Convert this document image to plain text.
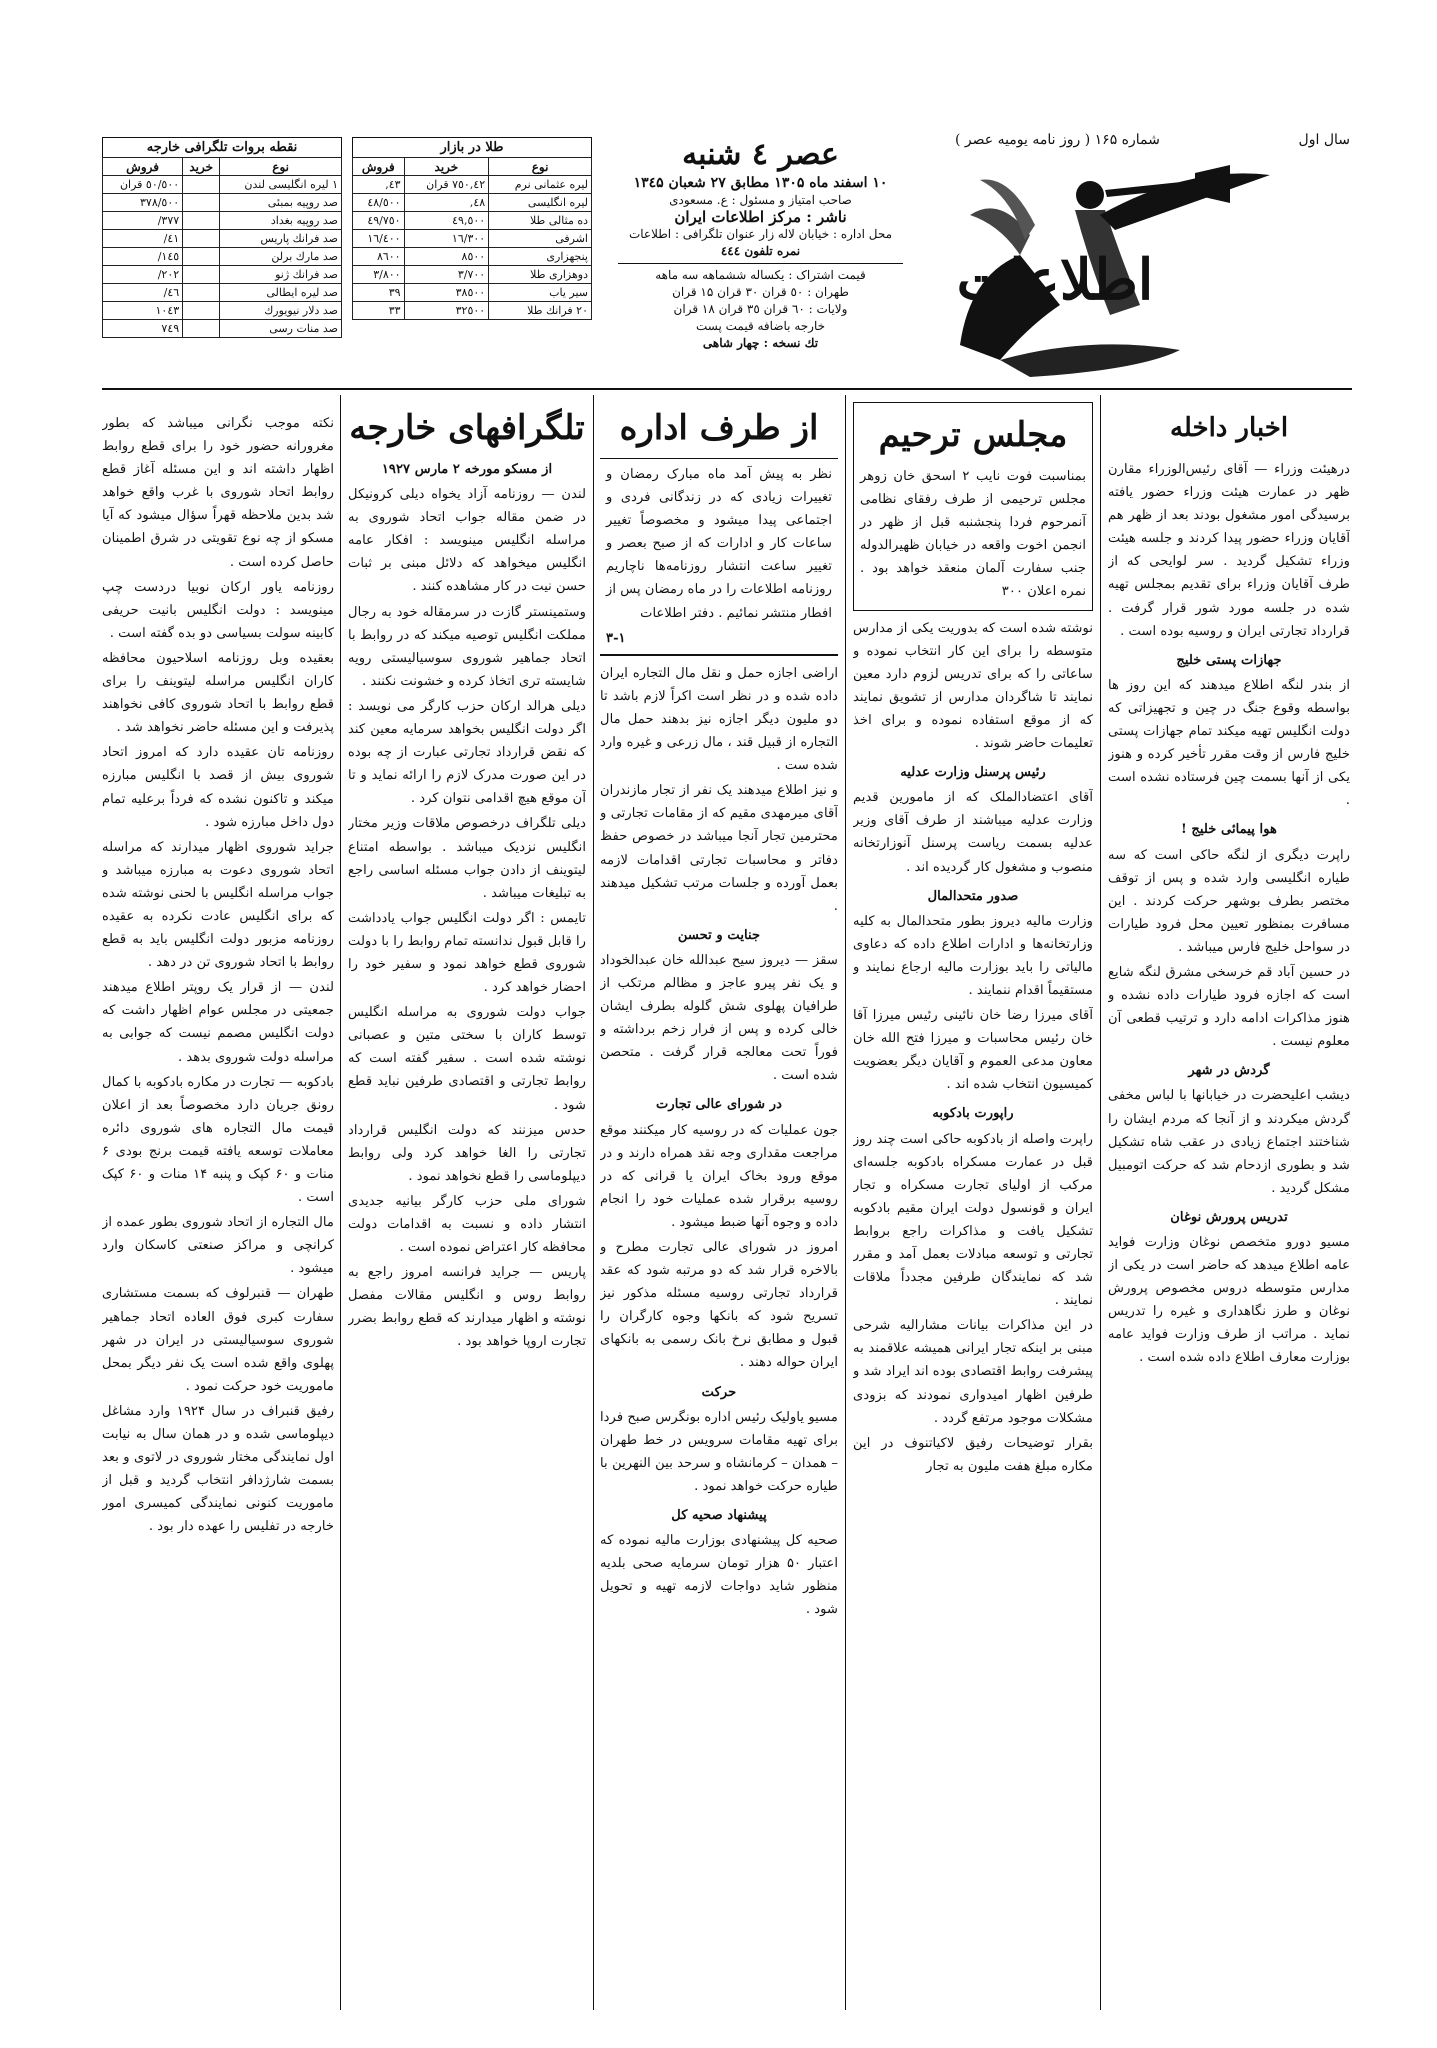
سال اول
شماره ۱۶۵ ( روز نامه یومیه عصر )
اطلاعات
عصر ٤ شنبه
۱۰ اسفند ماه ۱۳۰۵ مطابق ۲۷ شعبان ۱۳٤۵
صاحب امتیاز و مسئول : ع. مسعودی
ناشر : مرکز اطلاعات ایران
محل اداره : خیابان لاله زار عنوان تلگرافی : اطلاعات
نمره تلفون ٤٤٤
قیمت اشتراک : یکساله ششماهه سه ماهه
طهران : ٥٠ قران ۳۰ قران ١۵ قران
ولایات : ٦٠ قران ۳٥ قران ۱۸ قران
خارجه باضافه قیمت پست
تك نسخه : چهار شاهی
طلا در بازار
نوع	خرید	فروش
لیره عثمانی نرم	٤۲,٧٥٠ قران	٤٣,
لیره انگلیسی	٤٨,	٤٨/٥٠٠
ده مثالی طلا	٤٩,٥٠٠	٤٩/٧٥٠
اشرفی	١٦/٣٠٠	١٦/٤٠٠
پنجهزاری	٨٥٠٠	٨٦٠٠
دوهزاری طلا	٣/٧٠٠	٣/٨٠٠
سیر یاب	٣٨٥٠٠	٣٩
۲۰ فرانك طلا	٣٢٥٠٠	٣٣
نقطه بروات تلگرافی خارجه
نوع	خرید	فروش
١ لیره انگلیسی لندن		٥٠/٥٠٠ قران
صد روپیه بمبئی		٣٧٨/٥٠٠
صد روپیه بغداد		٣٧٧/
صد فرانك پاریس		٤١/
صد مارك برلن		١٤٥/
صد فرانك ژنو		٢٠٢/
صد لیره ایطالی		٤٦/
صد دلار نیویورك		١٠٤٣
صد منات رسی		٧٤٩
اخبار داخله

درهیئت وزراء — آقای رئیس‌الوزراء مقارن ظهر در عمارت هیئت وزراء حضور یافته برسیدگی امور مشغول بودند بعد از ظهر هم آقایان وزراء حضور پیدا کردند و جلسه هیئت وزراء تشکیل گردید . سر لوایحی که از طرف آقایان وزراء برای تقدیم بمجلس تهیه شده در جلسه مورد شور قرار گرفت . قرارداد تجارتی ایران و روسیه بوده است .

جهازات پستی خلیج

از بندر لنگه اطلاع میدهند که این روز ها بواسطه وقوع جنگ در چین و تجهیزاتی که دولت انگلیس تهیه میکند تمام جهازات پستی خلیج فارس از وقت مقرر تأخیر کرده و هنوز یکی از آنها بسمت چین فرستاده نشده است .

هوا پیمائی خلیج !

راپرت دیگری از لنگه حاکی است که سه طیاره انگلیسی وارد شده و پس از توقف مختصر بطرف بوشهر حرکت کردند . این مسافرت بمنظور تعیین محل فرود طیارات در سواحل خلیج فارس میباشد .

در حسین آباد قم خرسخی مشرق لنگه شایع است که اجازه فرود طیارات داده نشده و هنوز مذاکرات ادامه دارد و ترتیب قطعی آن معلوم نیست .

گردش در شهر

دیشب اعلیحضرت در خیابانها با لباس مخفی گردش میکردند و از آنجا که مردم ایشان را شناختند اجتماع زیادی در عقب شاه تشکیل شد و بطوری ازدحام شد که حرکت اتومبیل مشکل گردید .

تدریس پرورش نوغان

مسیو دورو متخصص نوغان وزارت فواید عامه اطلاع میدهد که حاضر است در یکی از مدارس متوسطه دروس مخصوص پرورش نوغان و طرز نگاهداری و غیره را تدریس نماید . مراتب از طرف وزارت فواید عامه بوزارت معارف اطلاع داده شده است .

مجلس ترحیم

بمناسبت فوت نایب ۲ اسحق خان زوهر مجلس ترحیمی از طرف رفقای نظامی آنمرحوم فردا پنجشنبه قبل از ظهر در انجمن اخوت واقعه در خیابان ظهیرالدوله جنب سفارت آلمان منعقد خواهد بود . نمره اعلان ۳۰۰

نوشته شده است که بدوریت یکی از مدارس متوسطه را برای این کار انتخاب نموده و ساعاتی را که برای تدریس لزوم دارد معین نمایند تا شاگردان مدارس از تشویق نمایند که از موقع استفاده نموده و برای اخذ تعلیمات حاضر شوند .

رئیس پرسنل وزارت عدلیه

آقای اعتضادالملک که از مامورین قدیم وزارت عدلیه میباشند از طرف آقای وزیر عدلیه بسمت ریاست پرسنل آنوزارتخانه منصوب و مشغول کار گردیده اند .

صدور متحدالمال

وزارت مالیه دیروز بطور متحدالمال به کلیه وزارتخانه‌ها و ادارات اطلاع داده که دعاوی مالیاتی را باید بوزارت مالیه ارجاع نمایند و مستقیماً اقدام ننمایند .

آقای میرزا رضا خان نائینی رئیس میرزا آقا خان رئیس محاسبات و میرزا فتح الله خان معاون مدعی العموم و آقایان دیگر بعضویت کمیسیون انتخاب شده اند .

راپورت بادکوبه

راپرت واصله از بادکوبه حاکی است چند روز قبل در عمارت مسکراه بادکوبه جلسه‌ای مرکب از اولیای تجارت مسکراه و تجار ایران و قونسول دولت ایران مقیم بادکوبه تشکیل یافت و مذاکرات راجع بروابط تجارتی و توسعه مبادلات بعمل آمد و مقرر شد که نمایندگان طرفین مجدداً ملاقات نمایند .

در این مذاکرات بیانات مشارالیه شرحی مبنی بر اینکه تجار ایرانی همیشه علاقمند به پیشرفت روابط اقتصادی بوده اند ایراد شد و طرفین اظهار امیدواری نمودند که بزودی مشکلات موجود مرتفع گردد .

بقرار توضیحات رفیق لاکیاتنوف در این مکاره مبلغ هفت ملیون به تجار

از طرف اداره

نظر به پیش آمد ماه مبارک رمضان و تغییرات زیادی که در زندگانی فردی و اجتماعی پیدا میشود و مخصوصاً تغییر ساعات کار و ادارات که از صبح بعصر و تغییر ساعت انتشار روزنامه‌ها ناچاریم روزنامه اطلاعات را در ماه رمضان پس از افطار منتشر نمائیم . دفتر اطلاعات

۳-۱

اراضی اجازه حمل و نقل مال التجاره ایران داده شده و در نظر است اکراً لازم باشد تا دو ملیون دیگر اجازه نیز بدهند حمل مال التجاره از قبیل قند ، مال زرعی و غیره وارد شده ست .

و نیز اطلاع میدهند یک نفر از تجار مازندران آقای میرمهدی مقیم که از مقامات تجارتی و محترمین تجار آنجا میباشد در خصوص حفظ دفاتر و محاسبات تجارتی اقدامات لازمه بعمل آورده و جلسات مرتب تشکیل میدهند .

جنایت و تحسن

سقز — دیروز سیح عبدالله خان عبدالخوداد و یک نفر پیرو عاجز و مظالم مرتکب از طرافیان پهلوی شش گلوله بطرف ایشان خالی کرده و پس از فرار زخم برداشته و فوراً تحت معالجه قرار گرفت . متحصن شده است .

در شورای عالی تجارت

جون عملیات که در روسیه کار میکنند موقع مراجعت مقداری وجه نقد همراه دارند و در موقع ورود بخاک ایران یا قرانی که در روسیه برقرار شده عملیات خود را انجام داده و وجوه آنها ضبط میشود .

امروز در شورای عالی تجارت مطرح و بالاخره قرار شد که دو مرتبه شود که عقد قرارداد تجارتی روسیه مسئله مذکور نیز تسریح شود که بانکها وجوه کارگران را قبول و مطابق نرخ بانک رسمی به بانکهای ایران حواله دهند .

حرکت

مسیو یاولیک رئیس اداره بونگرس صبح فردا برای تهیه مقامات سرویس در خط طهران – همدان – کرمانشاه و سرحد بین النهرین با طیاره حرکت خواهد نمود .

پیشنهاد صحیه کل

صحیه کل پیشنهادی بوزارت مالیه نموده که اعتبار ۵۰ هزار تومان سرمایه صحی بلدیه منظور شاید دواجات لازمه تهیه و تحویل شود .

تلگرافهای خارجه
از مسکو مورخه ۲ مارس ۱۹۲۷

لندن — روزنامه آزاد یخواه دیلی کرونیکل در ضمن مقاله جواب اتحاد شوروی به مراسله انگلیس مینویسد : افکار عامه انگلیس میخواهد که دلائل مبنی بر ثبات حسن نیت در کار مشاهده کنند .

وستمینستر گازت در سرمقاله خود به رجال مملکت انگلیس توصیه میکند که در روابط با اتحاد جماهیر شوروی سوسیالیستی رویه شایسته تری اتخاذ کرده و خشونت نکنند .

دیلی هرالد ارکان حزب کارگر می نویسد : اگر دولت انگلیس بخواهد سرمایه معین کند که نقض قرارداد تجارتی عبارت از چه بوده در این صورت مدرک لازم را ارائه نماید و تا آن موقع هیچ اقدامی نتوان کرد .

دیلی تلگراف درخصوص ملاقات وزیر مختار انگلیس نزدیک میباشد . بواسطه امتناع لیتوینف از دادن جواب مسئله اساسی راجع به تبلیغات میباشد .

تایمس : اگر دولت انگلیس جواب یادداشت را قابل قبول ندانسته تمام روابط را با دولت شوروی قطع خواهد نمود و سفیر خود را احضار خواهد کرد .

جواب دولت شوروی به مراسله انگلیس توسط کاران با سختی متین و عصبانی نوشته شده است . سفیر گفته است که روابط تجارتی و اقتصادی طرفین نباید قطع شود .

حدس میزنند که دولت انگلیس قرارداد تجارتی را الغا خواهد کرد ولی روابط دیپلوماسی را قطع نخواهد نمود .

شورای ملی حزب کارگر بیانیه جدیدی انتشار داده و نسبت به اقدامات دولت محافظه کار اعتراض نموده است .

پاریس — جراید فرانسه امروز راجع به روابط روس و انگلیس مقالات مفصل نوشته و اظهار میدارند که قطع روابط بضرر تجارت اروپا خواهد بود .

نکته موجب نگرانی میباشد که بطور مغرورانه حضور خود را برای قطع روابط اظهار داشته اند و این مسئله آغاز قطع روابط اتحاد شوروی با غرب واقع خواهد شد بدین ملاحظه قهراً سؤال میشود که آیا مسکو از چه نوع تقویتی در شرق اطمینان حاصل کرده است .

روزنامه یاور ارکان نوبیا دردست چپ مینویسد : دولت انگلیس بانیت حریفی کابینه سولت بسیاسی دو بده گفته است .

بعقیده وبل روزنامه اسلاحیون محافظه کاران انگلیس مراسله لیتوینف را برای قطع روابط با اتحاد شوروی کافی نخواهند پذیرفت و این مسئله حاضر نخواهد شد .

روزنامه تان عقیده دارد که امروز اتحاد شوروی بیش از قصد با انگلیس مبارزه میکند و تاکنون نشده که فرداً برعلیه تمام دول داخل مبارزه شود .

جراید شوروی اظهار میدارند که مراسله اتحاد شوروی دعوت به مبارزه میباشد و جواب مراسله انگلیس با لحنی نوشته شده که برای انگلیس عادت نکرده به عقیده روزنامه مزبور دولت انگلیس باید به قطع روابط با اتحاد شوروی تن در دهد .

لندن — از قرار یک روپتر اطلاع میدهند جمعیتی در مجلس عوام اظهار داشت که دولت انگلیس مصمم نیست که جوابی به مراسله دولت شوروی بدهد .

بادکوبه — تجارت در مکاره بادکوبه با کمال رونق جریان دارد مخصوصاً بعد از اعلان قیمت مال التجاره های شوروی دائره معاملات توسعه یافته قیمت برنج بودی ۶ منات و ۶۰ کپک و پنبه ۱۴ منات و ۶۰ کپک است .

مال التجاره از اتحاد شوروی بطور عمده از کرانچی و مراکز صنعتی کاسکان وارد میشود .

طهران — قنبرلوف که بسمت مستشاری سفارت کبری فوق العاده اتحاد جماهیر شوروی سوسیالیستی در ایران در شهر پهلوی واقع شده است یک نفر دیگر بمحل ماموریت خود حرکت نمود .

رفیق قنبراف در سال ۱۹۲۴ وارد مشاغل دیپلوماسی شده و در همان سال به نیابت اول نمایندگی مختار شوروی در لاتوی و بعد بسمت شارژدافر انتخاب گردید و قبل از ماموریت کنونی نمایندگی کمیسری امور خارجه در تفلیس را عهده دار بود .
